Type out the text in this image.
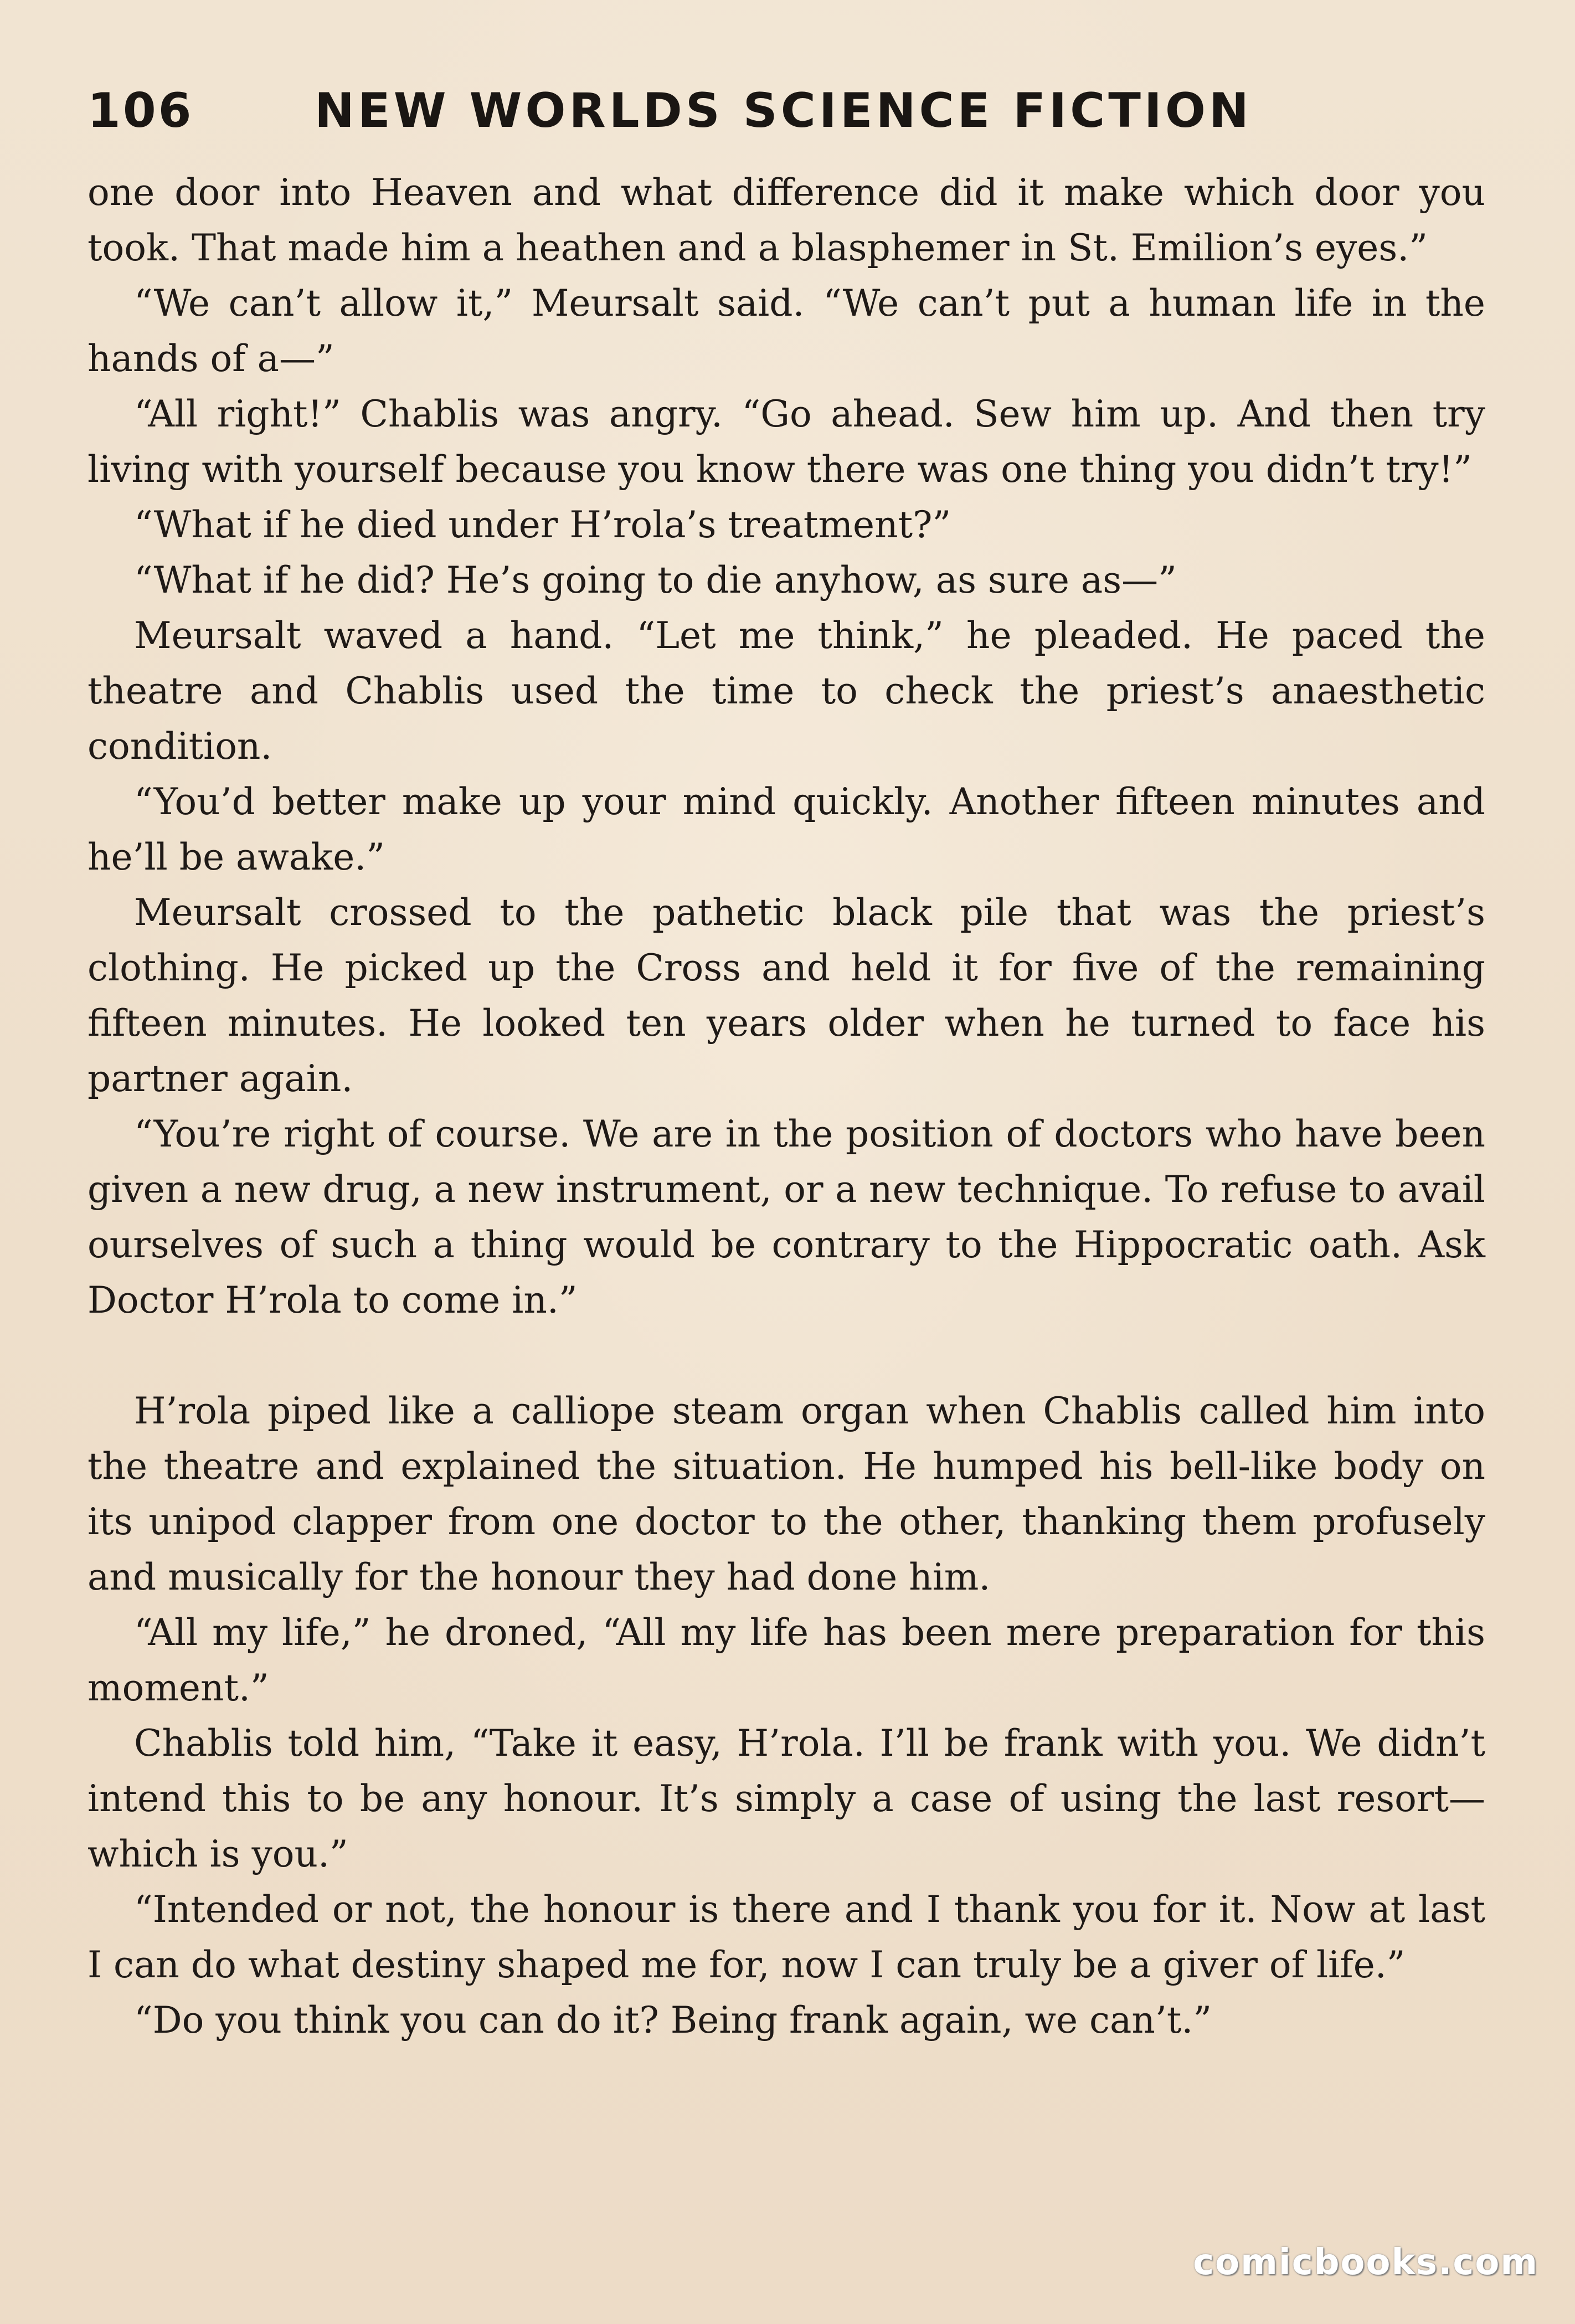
106	NEW WORLDS SCIENCE FICTION

one door into Heaven and what difference did it make which door you took. That made him a heathen and a blasphemer in St. Emilion’s eyes.”

“We can’t allow it,” Meursalt said. “We can’t put a human life in the hands of a—”

“All right!” Chablis was angry. “Go ahead. Sew him up. And then try living with yourself because you know there was one thing you didn’t try!”

“What if he died under H’rola’s treatment?”

“What if he did? He’s going to die anyhow, as sure as—”

Meursalt waved a hand. “Let me think,” he pleaded. He paced the theatre and Chablis used the time to check the priest’s anaesthetic condition.

“You’d better make up your mind quickly. Another fifteen minutes and he’ll be awake.”

Meursalt crossed to the pathetic black pile that was the priest’s clothing. He picked up the Cross and held it for five of the remaining fifteen minutes. He looked ten years older when he turned to face his partner again.

“You’re right of course. We are in the position of doctors who have been given a new drug, a new instrument, or a new technique. To refuse to avail ourselves of such a thing would be contrary to the Hippocratic oath. Ask Doctor H’rola to come in.”

H’rola piped like a calliope steam organ when Chablis called him into the theatre and explained the situation. He humped his bell-like body on its unipod clapper from one doctor to the other, thanking them profusely and musically for the honour they had done him.

“All my life,” he droned, “All my life has been mere preparation for this moment.”

Chablis told him, “Take it easy, H’rola. I’ll be frank with you. We didn’t intend this to be any honour. It’s simply a case of using the last resort—which is you.”

“Intended or not, the honour is there and I thank you for it. Now at last I can do what destiny shaped me for, now I can truly be a giver of life.”

“Do you think you can do it? Being frank again, we can’t.”

comicbooks.com
